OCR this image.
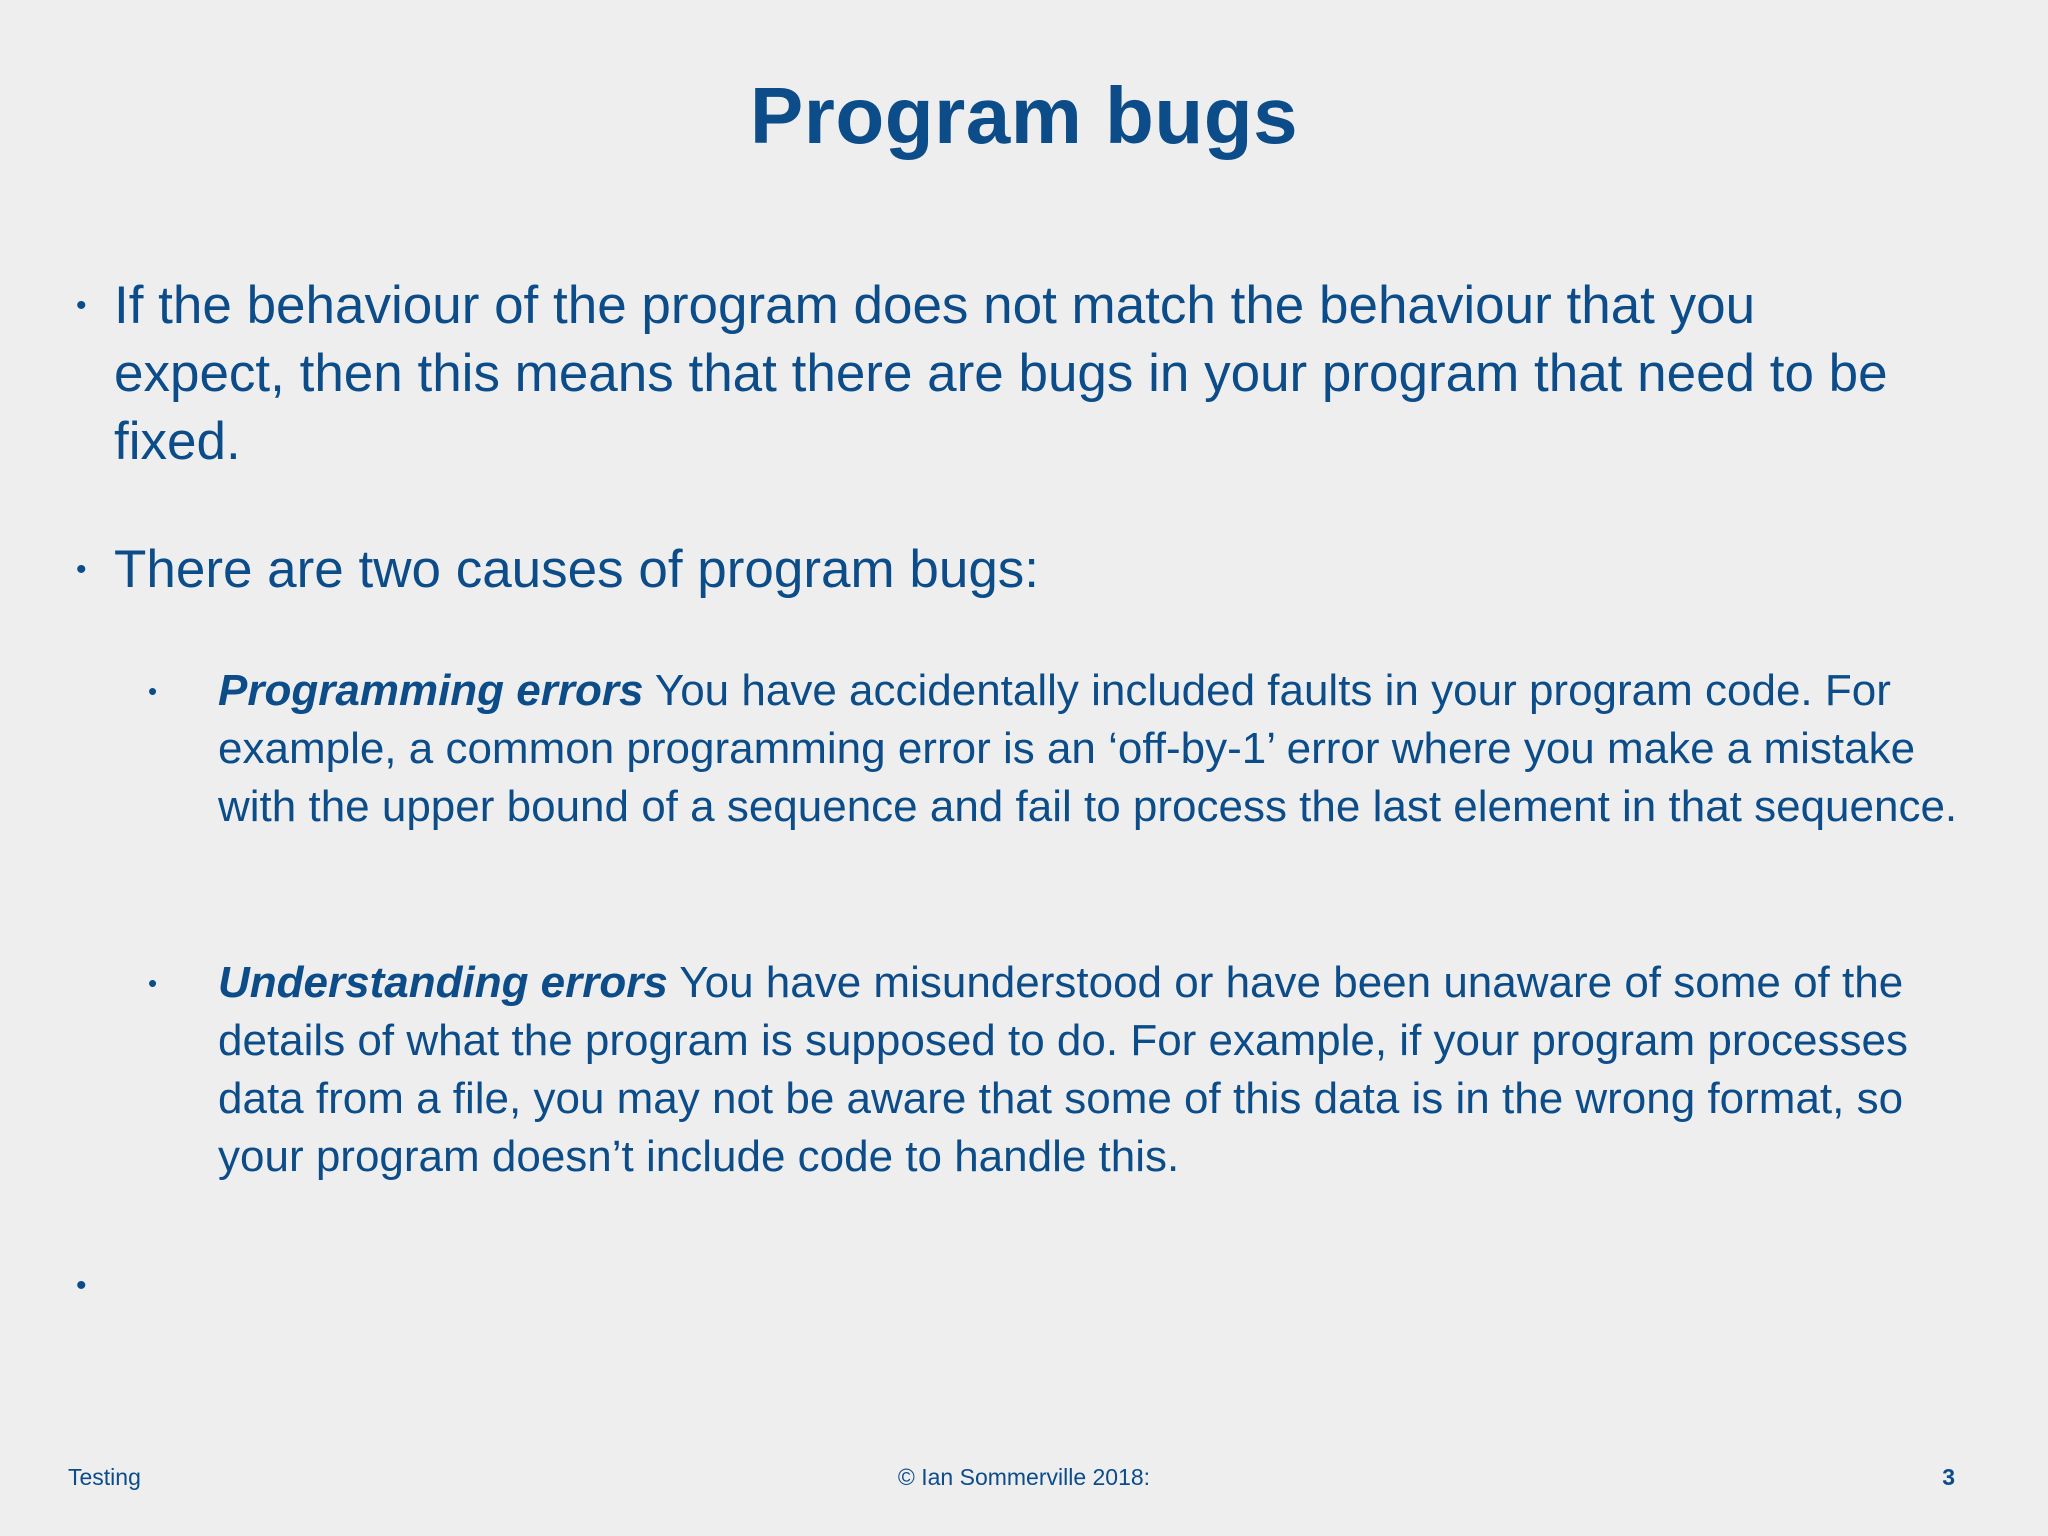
Program bugs
• If the behaviour of the program does not match the behaviour that you expect, then this means that there are bugs in your program that need to be fixed.
• There are two causes of program bugs:
• Programming errors You have accidentally included faults in your program code. For example, a common programming error is an ‘off-by-1’ error where you make a mistake with the upper bound of a sequence and fail to process the last element in that sequence.
• Understanding errors You have misunderstood or have been unaware of some of the details of what the program is supposed to do. For example, if your program processes data from a file, you may not be aware that some of this data is in the wrong format, so your program doesn’t include code to handle this.
•
Testing	© Ian Sommerville 2018:	3
